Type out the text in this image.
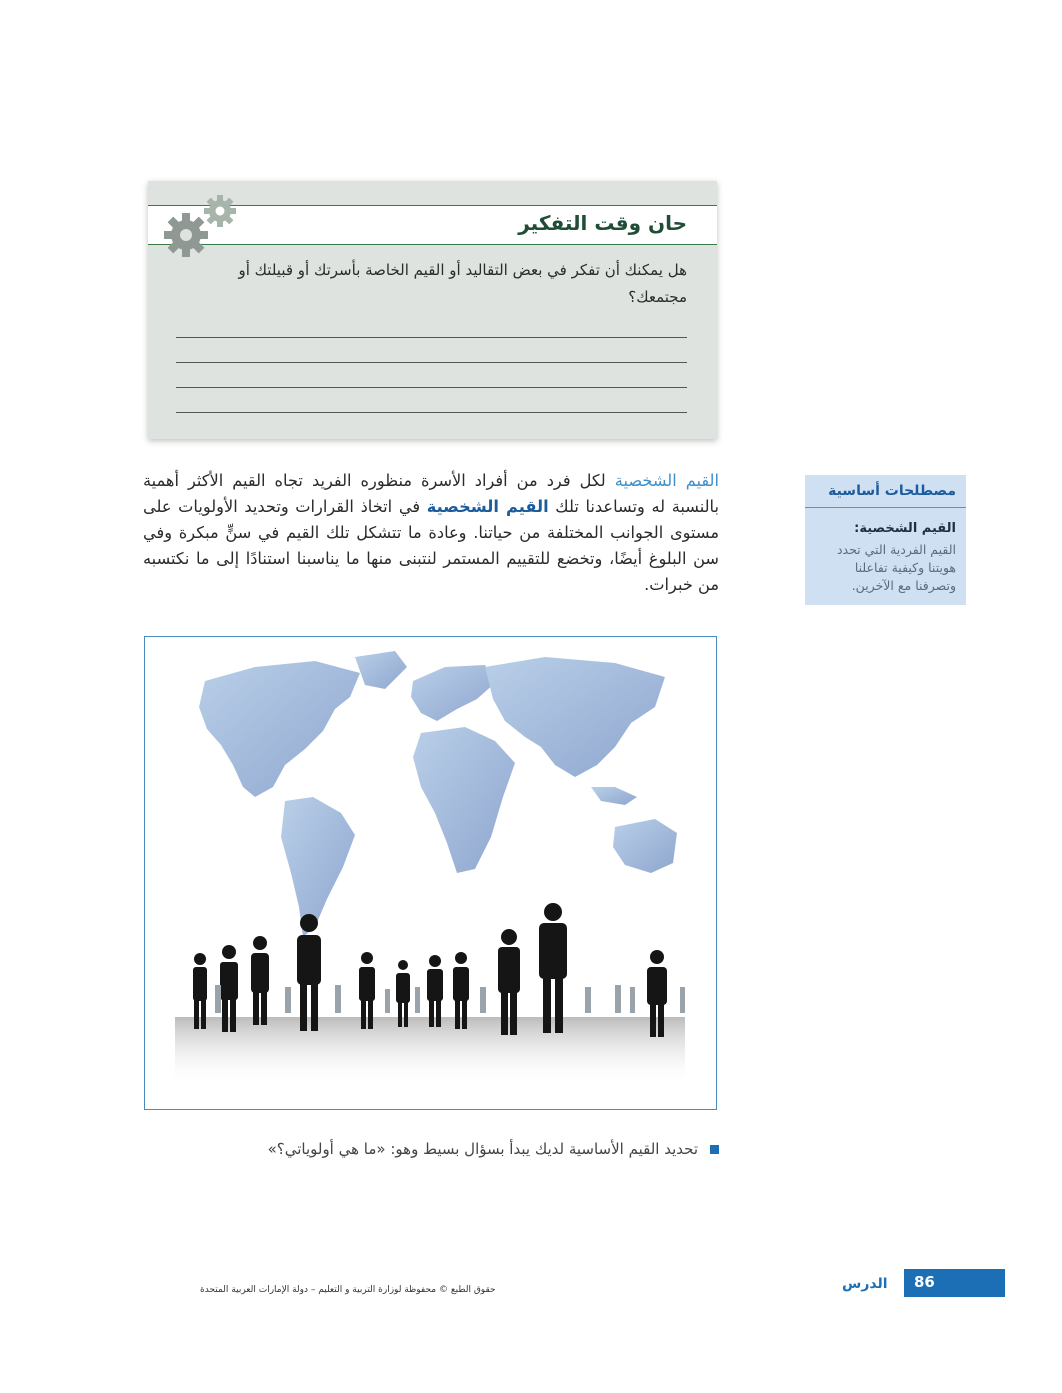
حان وقت التفكير
هل يمكنك أن تفكر في بعض التقاليد أو القيم الخاصة بأسرتك أو قبيلتك أو مجتمعك؟

القيم الشخصية لكل فرد من أفراد الأسرة منظوره الفريد تجاه القيم الأكثر أهمية بالنسبة له وتساعدنا تلك القيم الشخصية في اتخاذ القرارات وتحديد الأولويات على مستوى الجوانب المختلفة من حياتنا. وعادة ما تتشكل تلك القيم في سنٍّ مبكرة وفي سن البلوغ أيضًا، وتخضع للتقييم المستمر لنتبنى منها ما يناسبنا استنادًا إلى ما نكتسبه من خبرات.

مصطلحات أساسية
القيم الشخصية:
القيم الفردية التي تحدد هويتنا وكيفية تفاعلنا وتصرفنا مع الآخرين.
تحديد القيم الأساسية لديك يبدأ بسؤال بسيط وهو: «ما هي أولوياتي؟»
86
الدرس
حقوق الطبع © محفوظة لوزارة التربية و التعليم – دولة الإمارات العربية المتحدة
